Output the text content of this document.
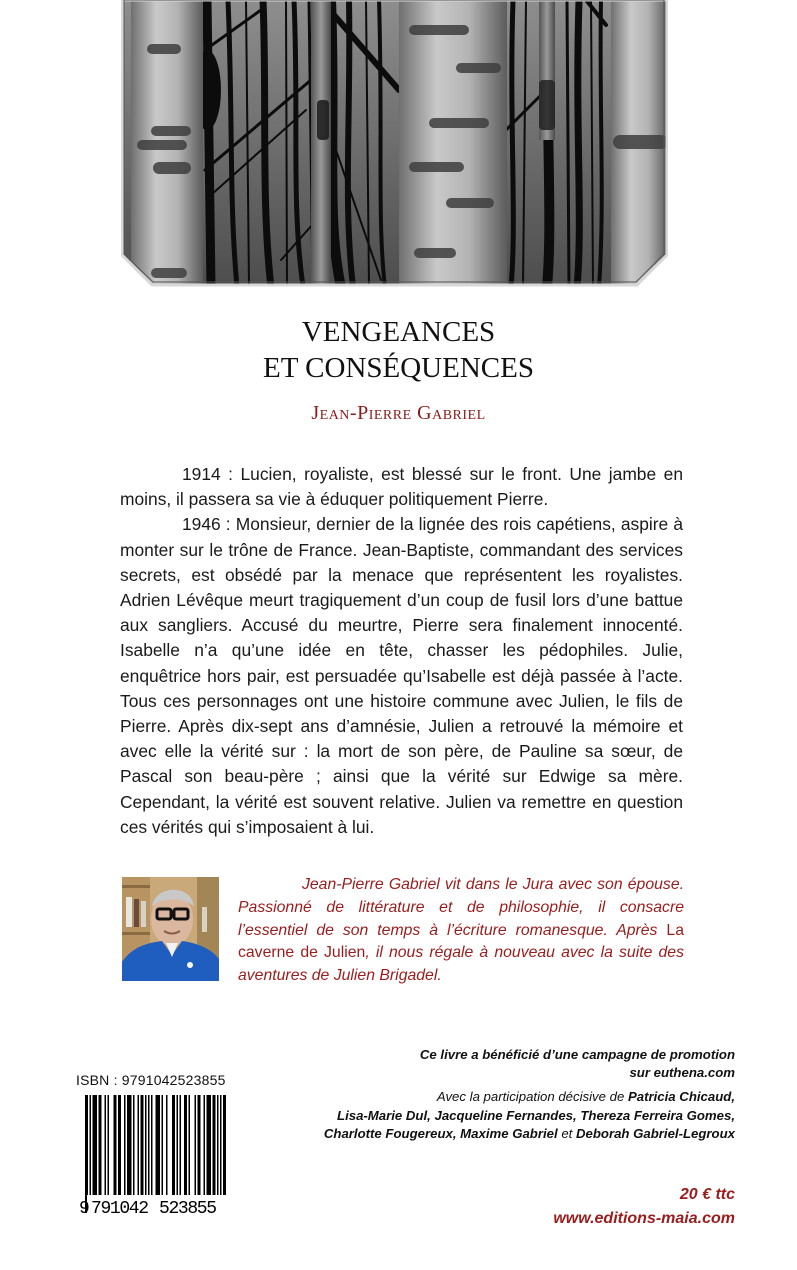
VENGEANCES
ET CONSÉQUENCES
Jean-Pierre Gabriel

1914 : Lucien, royaliste, est blessé sur le front. Une jambe en moins, il passera sa vie à éduquer politiquement Pierre.

1946 : Monsieur, dernier de la lignée des rois capétiens, aspire à monter sur le trône de France. Jean-Baptiste, commandant des services secrets, est obsédé par la menace que représentent les royalistes. Adrien Lévêque meurt tragiquement d’un coup de fusil lors d’une battue aux sangliers. Accusé du meurtre, Pierre sera finalement innocenté. Isabelle n’a qu’une idée en tête, chasser les pédophiles. Julie, enquêtrice hors pair, est persuadée qu’Isabelle est déjà passée à l’acte. Tous ces personnages ont une histoire commune avec Julien, le fils de Pierre. Après dix-sept ans d’amnésie, Julien a retrouvé la mémoire et avec elle la vérité sur : la mort de son père, de Pauline sa sœur, de Pascal son beau-père ; ainsi que la vérité sur Edwige sa mère. Cependant, la vérité est souvent relative. Julien va remettre en question ces vérités qui s’imposaient à lui.

Jean-Pierre Gabriel vit dans le Jura avec son épouse. Passionné de littérature et de philosophie, il consacre l’essentiel de son temps à l’écriture romanesque. Après La caverne de Julien, il nous régale à nouveau avec la suite des aventures de Julien Brigadel.

ISBN : 9791042523855
9 791042 523855
Ce livre a bénéficié d’une campagne de promotion
sur euthena.com
Avec la participation décisive de Patricia Chicaud,
Lisa-Marie Dul, Jacqueline Fernandes, Thereza Ferreira Gomes,
Charlotte Fougereux, Maxime Gabriel et Deborah Gabriel-Legroux
20 € ttc
www.editions-maia.com
